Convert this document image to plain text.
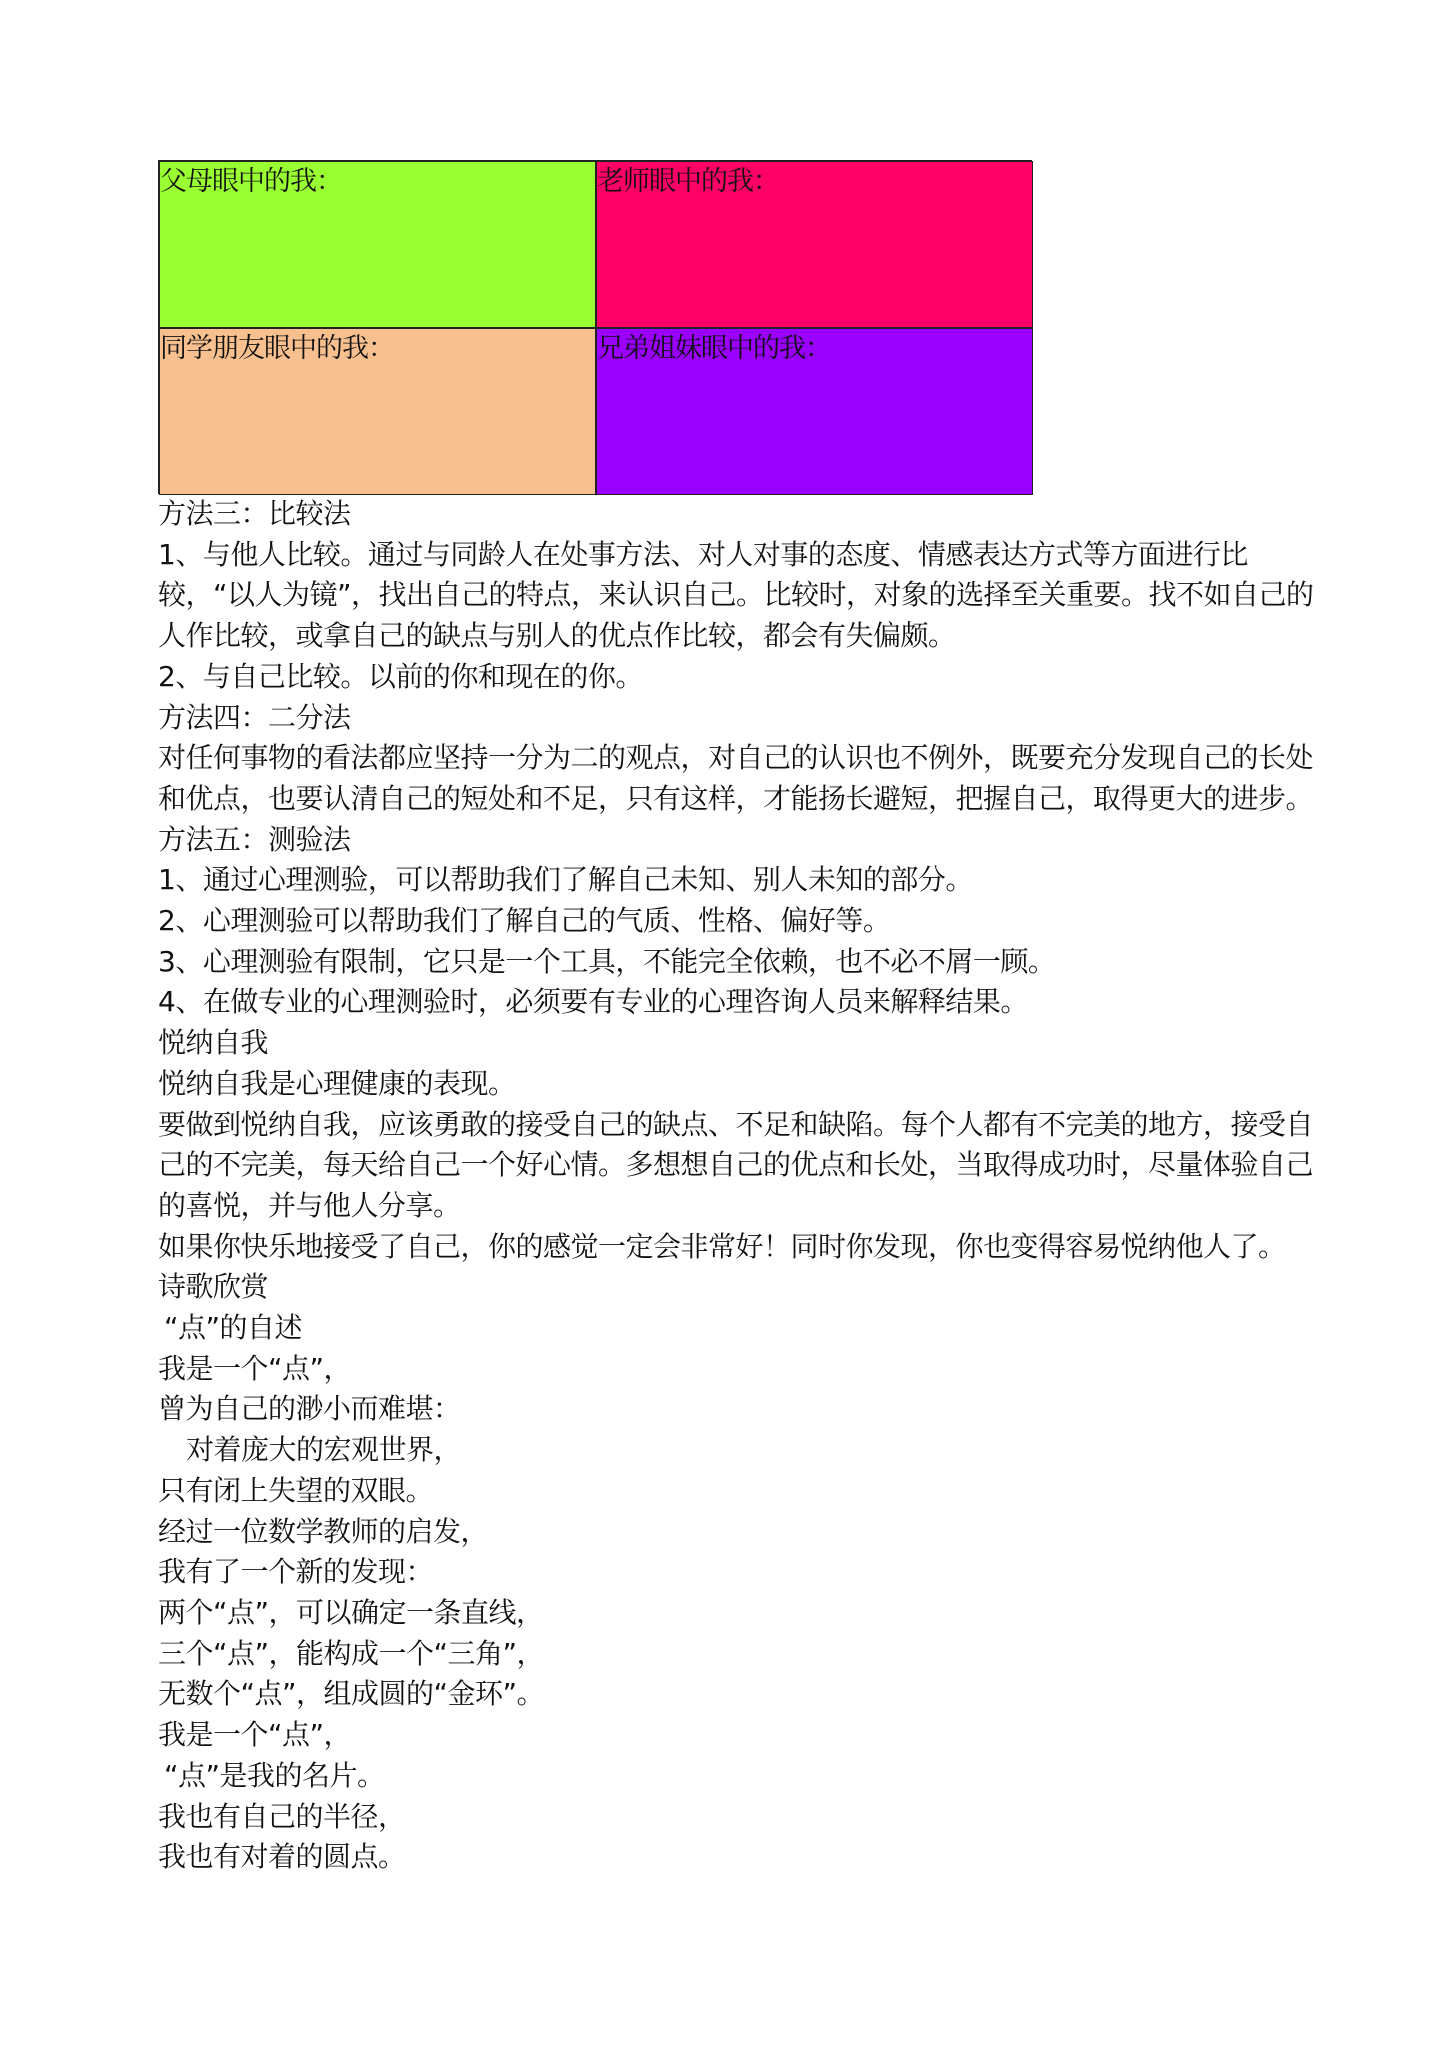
父母眼中的我：	老师眼中的我：
同学朋友眼中的我：	兄弟姐妹眼中的我：

方法三：比较法

1、与他人比较。通过与同龄人在处事方法、对人对事的态度、情感表达方式等方面进行比较，“以人为镜”，找出自己的特点，来认识自己。比较时，对象的选择至关重要。找不如自己的人作比较，或拿自己的缺点与别人的优点作比较，都会有失偏颇。

2、与自己比较。以前的你和现在的你。

方法四：二分法

对任何事物的看法都应坚持一分为二的观点，对自己的认识也不例外，既要充分发现自己的长处和优点，也要认清自己的短处和不足，只有这样，才能扬长避短，把握自己，取得更大的进步。

方法五：测验法

1、通过心理测验，可以帮助我们了解自己未知、别人未知的部分。

2、心理测验可以帮助我们了解自己的气质、性格、偏好等。

3、心理测验有限制，它只是一个工具，不能完全依赖，也不必不屑一顾。

4、在做专业的心理测验时，必须要有专业的心理咨询人员来解释结果。

悦纳自我

悦纳自我是心理健康的表现。

要做到悦纳自我，应该勇敢的接受自己的缺点、不足和缺陷。每个人都有不完美的地方，接受自己的不完美，每天给自己一个好心情。多想想自己的优点和长处，当取得成功时，尽量体验自己的喜悦，并与他人分享。

如果你快乐地接受了自己，你的感觉一定会非常好！同时你发现，你也变得容易悦纳他人了。

诗歌欣赏

“点”的自述

我是一个“点”，

曾为自己的渺小而难堪：

对着庞大的宏观世界，

只有闭上失望的双眼。

经过一位数学教师的启发，

我有了一个新的发现：

两个“点”，可以确定一条直线，

三个“点”，能构成一个“三角”，

无数个“点”，组成圆的“金环”。

我是一个“点”，

“点”是我的名片。

我也有自己的半径，

我也有对着的圆点。
